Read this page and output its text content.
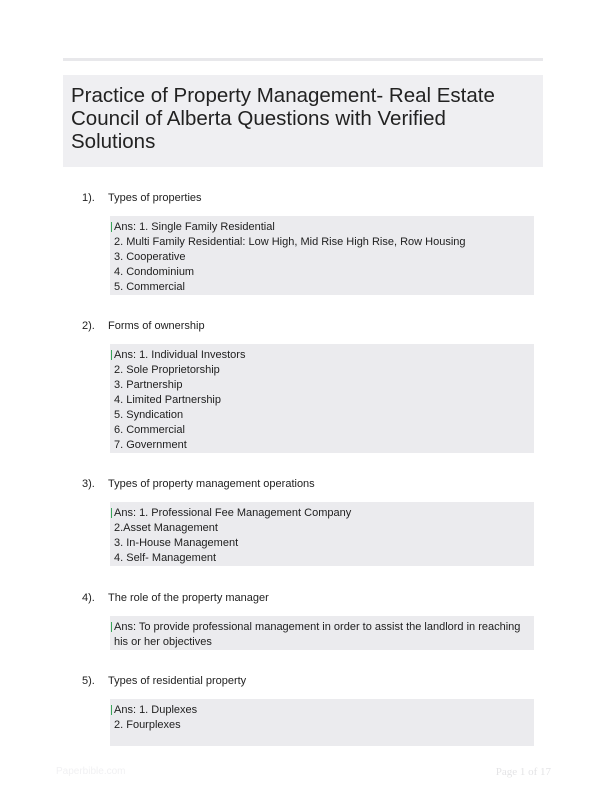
Practice of Property Management- Real Estate Council of Alberta Questions with Verified Solutions
1). Types of properties
Ans: 1. Single Family Residential
2. Multi Family Residential: Low High, Mid Rise High Rise, Row Housing
3. Cooperative
4. Condominium
5. Commercial
2). Forms of ownership
Ans: 1. Individual Investors
2. Sole Proprietorship
3. Partnership
4. Limited Partnership
5. Syndication
6. Commercial
7. Government
3). Types of property management operations
Ans: 1. Professional Fee Management Company
2.Asset Management
3. In-House Management
4. Self- Management
4). The role of the property manager
Ans: To provide professional management in order to assist the landlord in reaching his or her objectives
5). Types of residential property
Ans: 1. Duplexes
2. Fourplexes
Paperbible.com	Page 1 of 17
